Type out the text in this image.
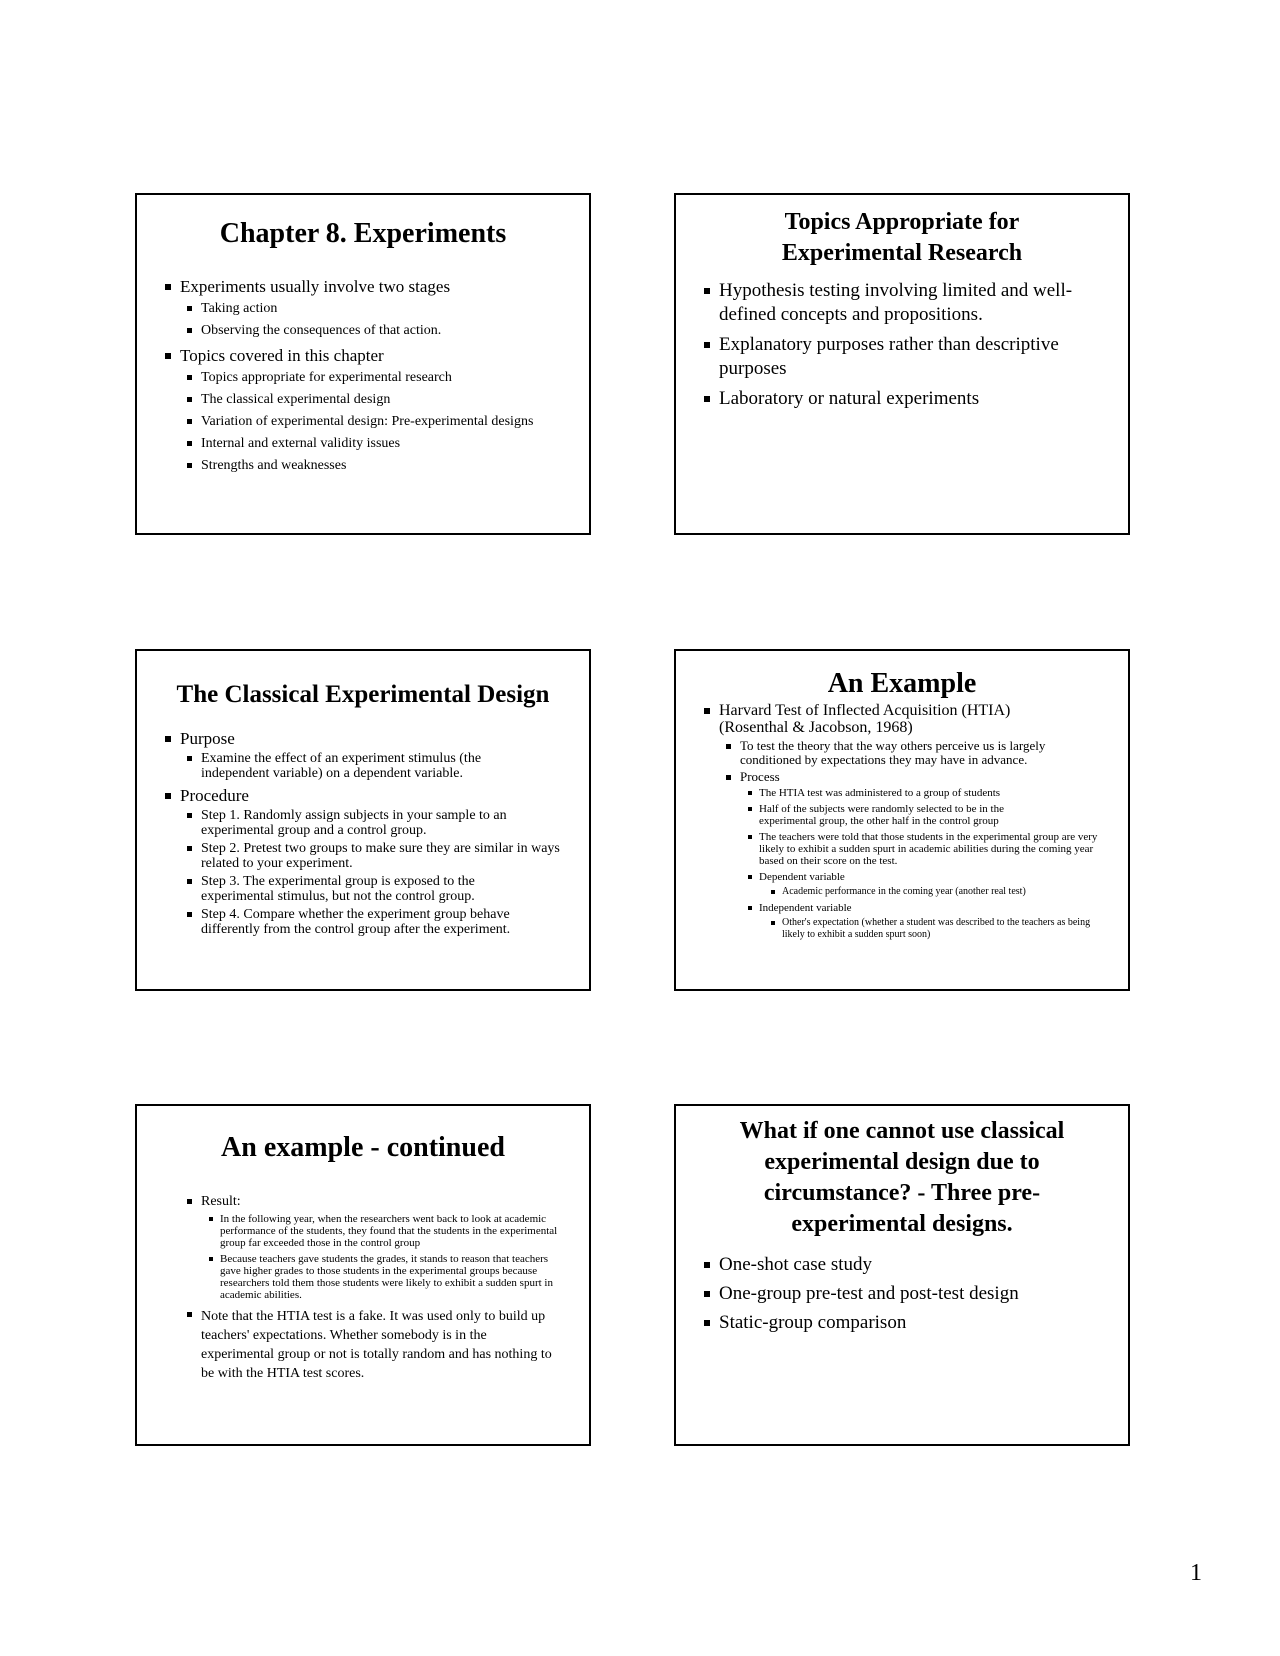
Chapter 8. Experiments
Experiments usually involve two stages
Taking action
Observing the consequences of that action.
Topics covered in this chapter
Topics appropriate for experimental research
The classical experimental design
Variation of experimental design: Pre-experimental designs
Internal and external validity issues
Strengths and weaknesses
Topics Appropriate for
Experimental Research
Hypothesis testing involving limited and well-defined concepts and propositions.
Explanatory purposes rather than descriptive purposes
Laboratory or natural experiments
The Classical Experimental Design
Purpose
Examine the effect of an experiment stimulus (the independent variable) on a dependent variable.
Procedure
Step 1. Randomly assign subjects in your sample to an experimental group and a control group.
Step 2. Pretest two groups to make sure they are similar in ways related to your experiment.
Step 3. The experimental group is exposed to the experimental stimulus, but not the control group.
Step 4. Compare whether the experiment group behave differently from the control group after the experiment.
An Example
Harvard Test of Inflected Acquisition (HTIA) (Rosenthal & Jacobson, 1968)
To test the theory that the way others perceive us is largely conditioned by expectations they may have in advance.
Process
The HTIA test was administered to a group of students
Half of the subjects were randomly selected to be in the experimental group, the other half in the control group
The teachers were told that those students in the experimental group are very likely to exhibit a sudden spurt in academic abilities during the coming year based on their score on the test.
Dependent variable
Academic performance in the coming year (another real test)
Independent variable
Other's expectation (whether a student was described to the teachers as being likely to exhibit a sudden spurt soon)
An example - continued
Result:
In the following year, when the researchers went back to look at academic performance of the students, they found that the students in the experimental group far exceeded those in the control group
Because teachers gave students the grades, it stands to reason that teachers gave higher grades to those students in the experimental groups because researchers told them those students were likely to exhibit a sudden spurt in academic abilities.
Note that the HTIA test is a fake. It was used only to build up teachers' expectations. Whether somebody is in the experimental group or not is totally random and has nothing to be with the HTIA test scores.
What if one cannot use classical
experimental design due to
circumstance? - Three pre-
experimental designs.
One-shot case study
One-group pre-test and post-test design
Static-group comparison
1
